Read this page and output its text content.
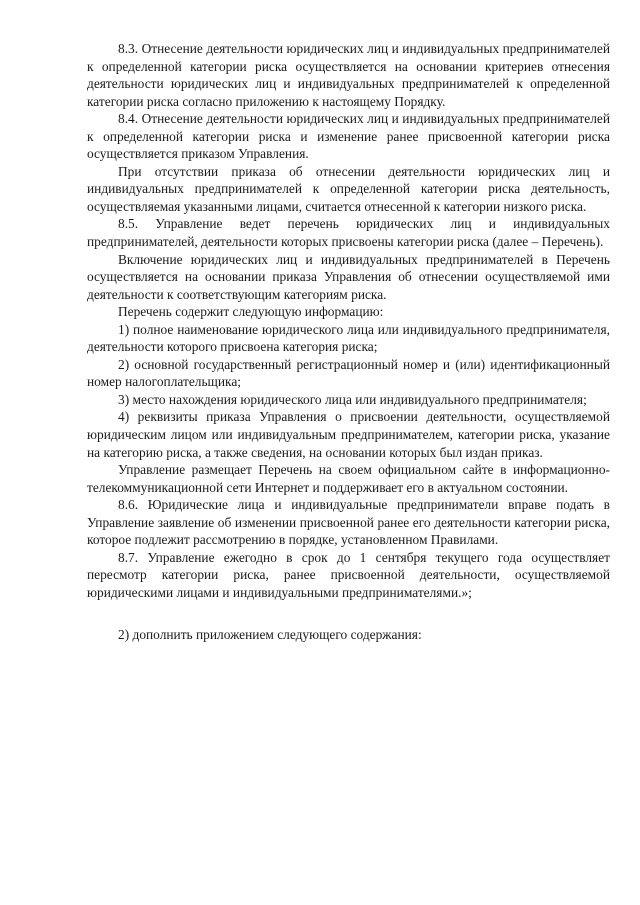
8.3. Отнесение деятельности юридических лиц и индивидуальных предпринимателей к определенной категории риска осуществляется на основании критериев отнесения деятельности юридических лиц и индивидуальных предпринимателей к определенной категории риска согласно приложению к настоящему Порядку.

8.4. Отнесение деятельности юридических лиц и индивидуальных предпринимателей к определенной категории риска и изменение ранее присвоенной категории риска осуществляется приказом Управления.

При отсутствии приказа об отнесении деятельности юридических лиц и индивидуальных предпринимателей к определенной категории риска деятельность, осуществляемая указанными лицами, считается отнесенной к категории низкого риска.

8.5. Управление ведет перечень юридических лиц и индивидуальных предпринимателей, деятельности которых присвоены категории риска (далее – Перечень).

Включение юридических лиц и индивидуальных предпринимателей в Перечень осуществляется на основании приказа Управления об отнесении осуществляемой ими деятельности к соответствующим категориям риска.

Перечень содержит следующую информацию:

1) полное наименование юридического лица или индивидуального предпринимателя, деятельности которого присвоена категория риска;

2) основной государственный регистрационный номер и (или) идентификационный номер налогоплательщика;

3) место нахождения юридического лица или индивидуального предпринимателя;

4) реквизиты приказа Управления о присвоении деятельности, осуществляемой юридическим лицом или индивидуальным предпринимателем, категории риска, указание на категорию риска, а также сведения, на основании которых был издан приказ.

Управление размещает Перечень на своем официальном сайте в информационно-телекоммуникационной сети Интернет и поддерживает его в актуальном состоянии.

8.6. Юридические лица и индивидуальные предприниматели вправе подать в Управление заявление об изменении присвоенной ранее его деятельности категории риска, которое подлежит рассмотрению в порядке, установленном Правилами.

8.7. Управление ежегодно в срок до 1 сентября текущего года осуществляет пересмотр категории риска, ранее присвоенной деятельности, осуществляемой юридическими лицами и индивидуальными предпринимателями.»;

2) дополнить приложением следующего содержания:
